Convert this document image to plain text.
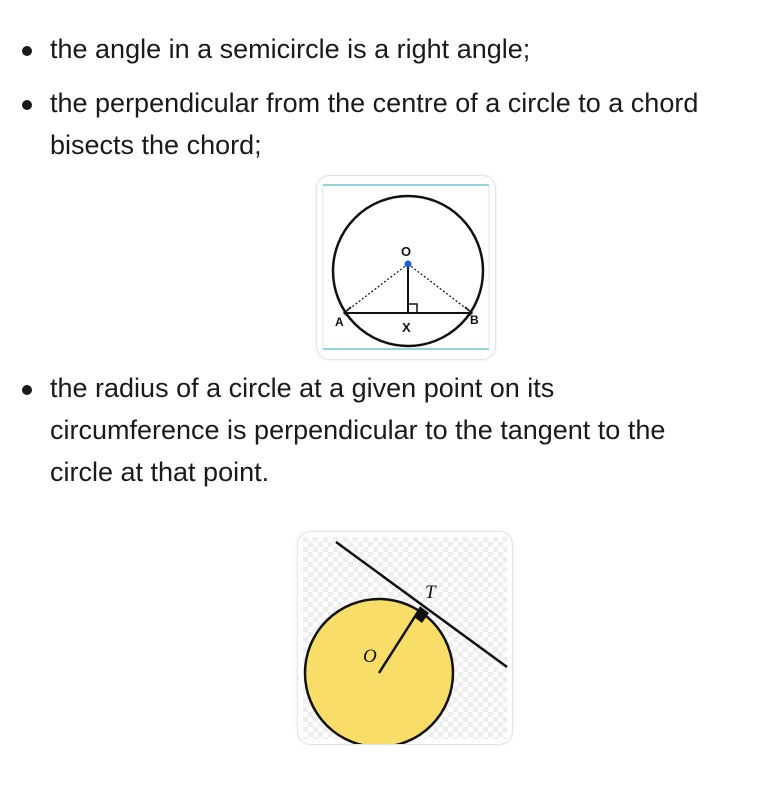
the angle in a semicircle is a right angle;
the perpendicular from the centre of a circle to a chord bisects the chord;
O
A	X	B
the radius of a circle at a given point on its circumference is perpendicular to the tangent to the circle at that point.
T
O
